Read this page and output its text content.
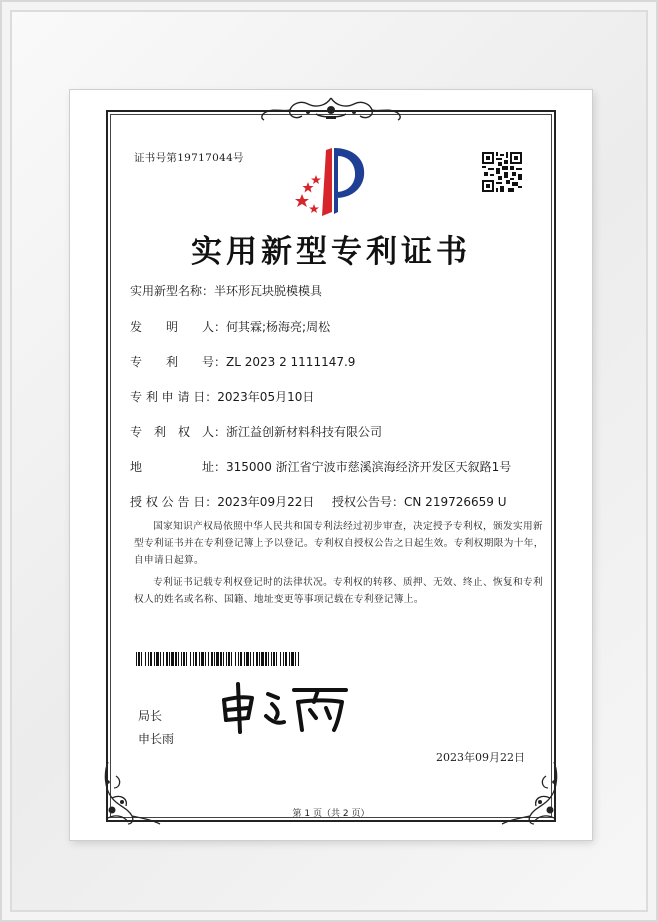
证书号第19717044号
实用新型专利证书
实用新型名称：半环形瓦块脱模模具
发　　明　　人：何其霖;杨海亮;周松
专　　利　　号：ZL 2023 2 1111147.9
专 利 申 请 日：2023年05月10日
专　利　权　人：浙江益创新材料科技有限公司
地　　　　　址：315000 浙江省宁波市慈溪滨海经济开发区天叙路1号
授 权 公 告 日：2023年09月22日 授权公告号：CN 219726659 U
国家知识产权局依照中华人民共和国专利法经过初步审查，决定授予专利权，颁发实用新型专利证书并在专利登记簿上予以登记。专利权自授权公告之日起生效。专利权期限为十年，自申请日起算。
专利证书记载专利权登记时的法律状况。专利权的转移、质押、无效、终止、恢复和专利权人的姓名或名称、国籍、地址变更等事项记载在专利登记簿上。
局长
申长雨
2023年09月22日
第 1 页（共 2 页）
